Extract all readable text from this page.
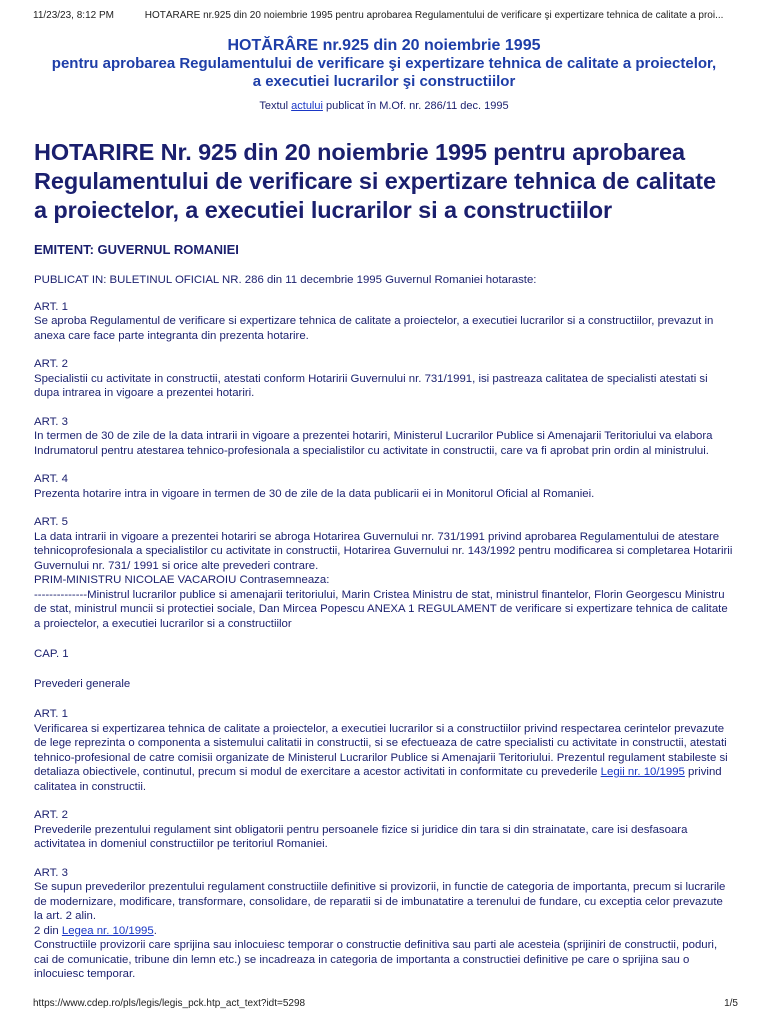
11/23/23, 8:12 PM	HOTĂRÂRE nr.925 din 20 noiembrie 1995 pentru aprobarea Regulamentului de verificare şi expertizare tehnica de calitate a proi...

HOTĂRÂRE nr.925 din 20 noiembrie 1995

pentru aprobarea Regulamentului de verificare şi expertizare tehnica de calitate a proiectelor,

a executiei lucrarilor şi constructiilor

Textul actului publicat în M.Of. nr. 286/11 dec. 1995

HOTARIRE Nr. 925 din 20 noiembrie 1995 pentru aprobarea Regulamentului de verificare si expertizare tehnica de calitate a proiectelor, a executiei lucrarilor si a constructiilor

EMITENT: GUVERNUL ROMANIEI

PUBLICAT IN: BULETINUL OFICIAL NR. 286 din 11 decembrie 1995 Guvernul Romaniei hotaraste:

ART. 1

Se aproba Regulamentul de verificare si expertizare tehnica de calitate a proiectelor, a executiei lucrarilor si a constructiilor, prevazut in anexa care face parte integranta din prezenta hotarire.

ART. 2

Specialistii cu activitate in constructii, atestati conform Hotaririi Guvernului nr. 731/1991, isi pastreaza calitatea de specialisti atestati si dupa intrarea in vigoare a prezentei hotariri.

ART. 3

In termen de 30 de zile de la data intrarii in vigoare a prezentei hotariri, Ministerul Lucrarilor Publice si Amenajarii Teritoriului va elabora Indrumatorul pentru atestarea tehnico-profesionala a specialistilor cu activitate in constructii, care va fi aprobat prin ordin al ministrului.

ART. 4

Prezenta hotarire intra in vigoare in termen de 30 de zile de la data publicarii ei in Monitorul Oficial al Romaniei.

ART. 5

La data intrarii in vigoare a prezentei hotariri se abroga Hotarirea Guvernului nr. 731/1991 privind aprobarea Regulamentului de atestare tehnicoprofesionala a specialistilor cu activitate in constructii, Hotarirea Guvernului nr. 143/1992 pentru modificarea si completarea Hotaririi Guvernului nr. 731/ 1991 si orice alte prevederi contrare.

PRIM-MINISTRU NICOLAE VACAROIU Contrasemneaza:

--------------Ministrul lucrarilor publice si amenajarii teritoriului, Marin Cristea Ministru de stat, ministrul finantelor, Florin Georgescu Ministru de stat, ministrul muncii si protectiei sociale, Dan Mircea Popescu ANEXA 1 REGULAMENT de verificare si expertizare tehnica de calitate a proiectelor, a executiei lucrarilor si a constructiilor

CAP. 1

Prevederi generale

ART. 1

Verificarea si expertizarea tehnica de calitate a proiectelor, a executiei lucrarilor si a constructiilor privind respectarea cerintelor prevazute de lege reprezinta o componenta a sistemului calitatii in constructii, si se efectueaza de catre specialisti cu activitate in constructii, atestati tehnico-profesional de catre comisii organizate de Ministerul Lucrarilor Publice si Amenajarii Teritoriului. Prezentul regulament stabileste si detaliaza obiectivele, continutul, precum si modul de exercitare a acestor activitati in conformitate cu prevederile Legii nr. 10/1995 privind calitatea in constructii.

ART. 2

Prevederile prezentului regulament sint obligatorii pentru persoanele fizice si juridice din tara si din strainatate, care isi desfasoara activitatea in domeniul constructiilor pe teritoriul Romaniei.

ART. 3

Se supun prevederilor prezentului regulament constructiile definitive si provizorii, in functie de categoria de importanta, precum si lucrarile de modernizare, modificare, transformare, consolidare, de reparatii si de imbunatatire a terenului de fundare, cu exceptia celor prevazute la art. 2 alin.

2 din Legea nr. 10/1995.

Constructiile provizorii care sprijina sau inlocuiesc temporar o constructie definitiva sau parti ale acesteia (sprijiniri de constructii, poduri, cai de comunicatie, tribune din lemn etc.) se incadreaza in categoria de importanta a constructiei definitive pe care o sprijina sau o inlocuiesc temporar.

https://www.cdep.ro/pls/legis/legis_pck.htp_act_text?idt=5298	1/5
